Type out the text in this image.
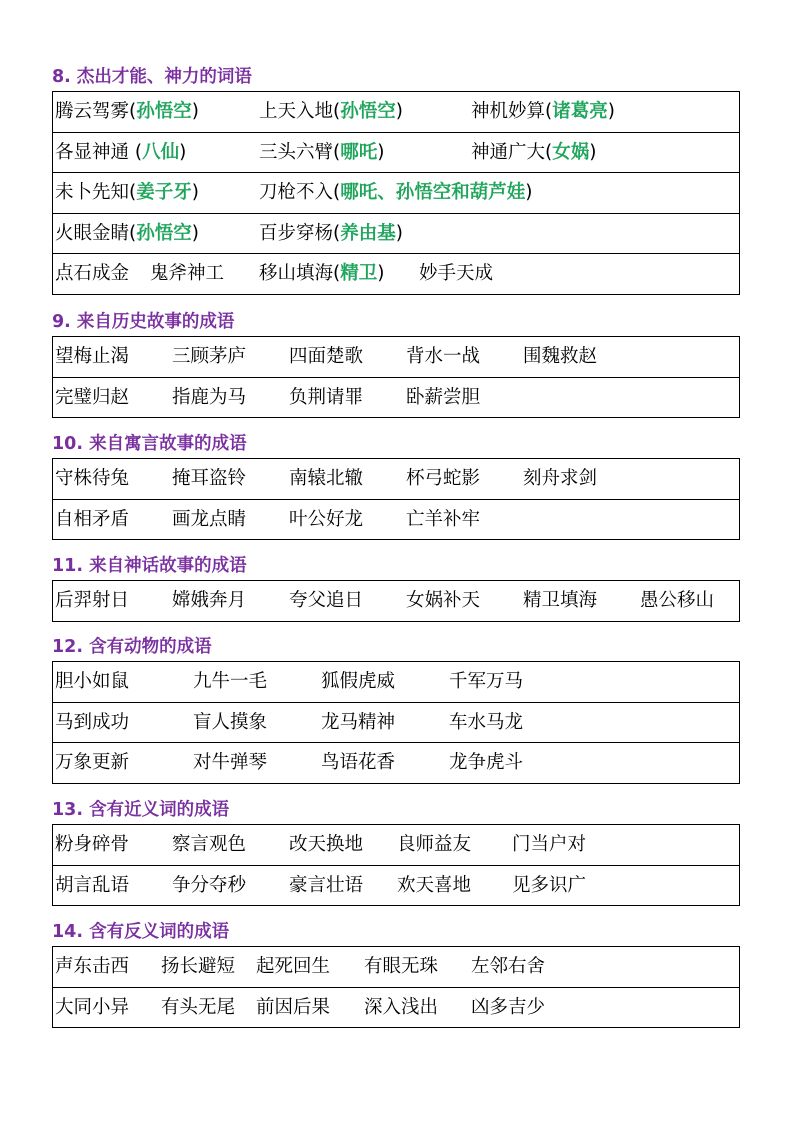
8. 杰出才能、神力的词语
腾云驾雾(孙悟空)	上天入地(孙悟空)	神机妙算(诸葛亮)

各显神通 (八仙)	三头六臂(哪吒)	神通广大(女娲)

未卜先知(姜子牙)	刀枪不入(哪吒、孙悟空和葫芦娃)

火眼金睛(孙悟空)	百步穿杨(养由基)

点石成金 鬼斧神工 移山填海(精卫) 妙手天成
9. 来自历史故事的成语
望梅止渴 三顾茅庐 四面楚歌 背水一战 围魏救赵

完璧归赵 指鹿为马 负荆请罪 卧薪尝胆
10. 来自寓言故事的成语
守株待兔 掩耳盗铃 南辕北辙 杯弓蛇影 刻舟求剑

自相矛盾 画龙点睛 叶公好龙 亡羊补牢
11. 来自神话故事的成语
后羿射日 嫦娥奔月 夸父追日 女娲补天 精卫填海 愚公移山
12. 含有动物的成语
胆小如鼠	九牛一毛	狐假虎威	千军万马

马到成功	盲人摸象	龙马精神	车水马龙

万象更新	对牛弹琴	鸟语花香	龙争虎斗
13. 含有近义词的成语
粉身碎骨 察言观色 改天换地 良师益友 门当户对

胡言乱语 争分夺秒 豪言壮语 欢天喜地 见多识广
14. 含有反义词的成语
声东击西 扬长避短 起死回生 有眼无珠 左邻右舍

大同小异 有头无尾 前因后果 深入浅出 凶多吉少
